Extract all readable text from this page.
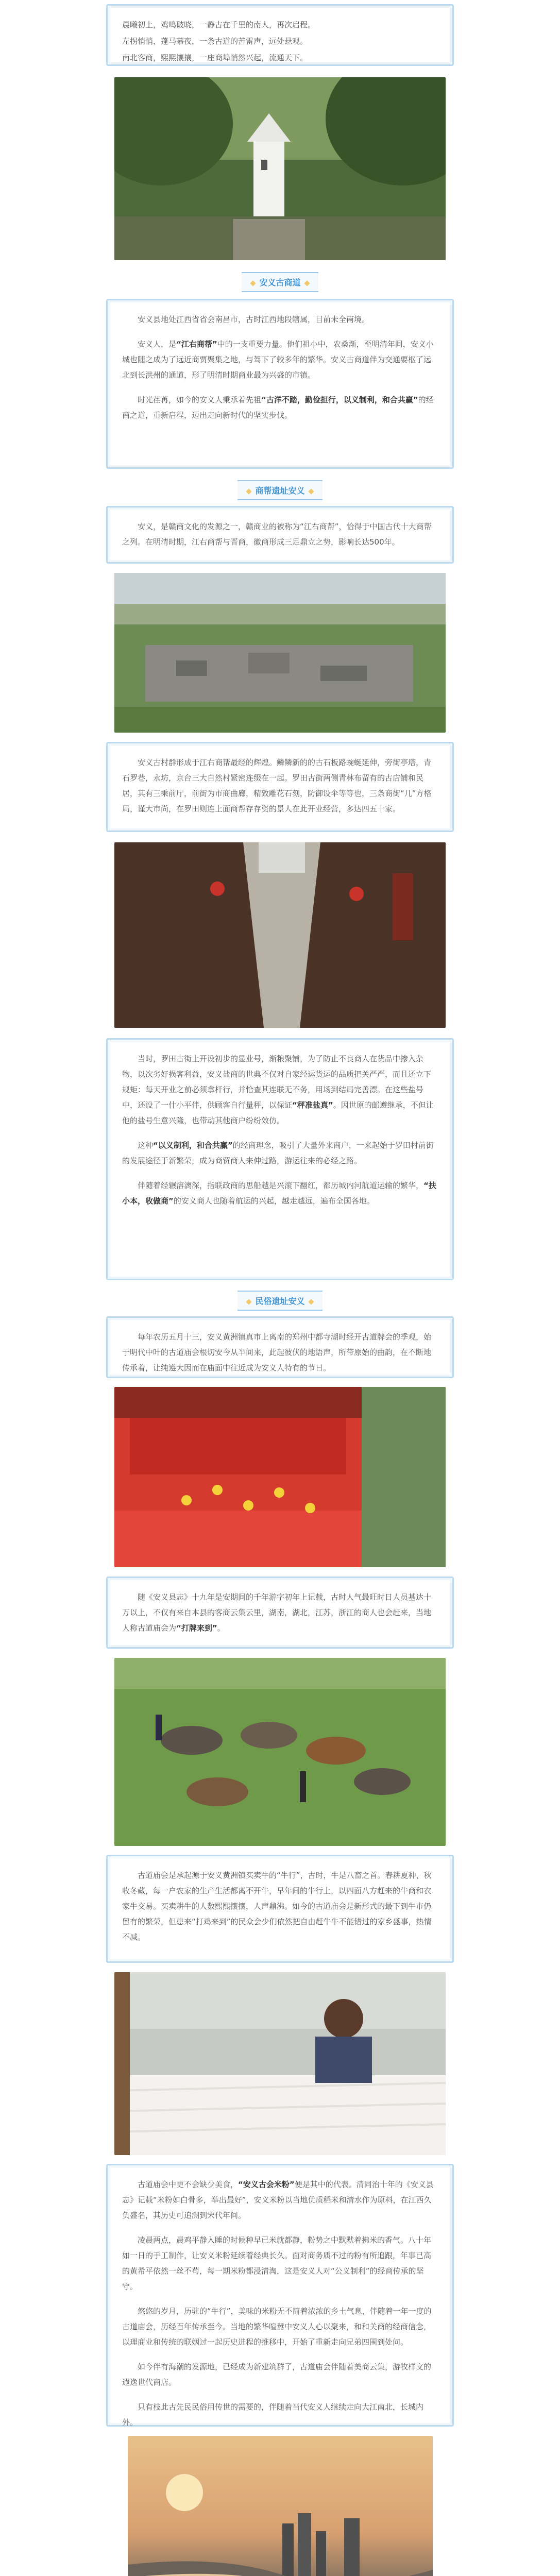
晨曦初上，鸡鸣破晓，一静古在千里的南人，再次启程。

左拐悄悄，蓬马慕夜，一条古道的苦雷声，远处悬观。

南北客商，熙熙攘攘，一座商埠悄然兴起，流通天下。

安义古商道

安义县地处江西省省会南昌市，古时江西地段辖属，目前未全南境。

安义人，是“江右商帮”中的一支重要力量。他们祖小中，农桑渐，至明清年间，安义小城也随之成为了远近商贾聚集之地，与驾下了较多年的繁华。安义古商道伴为交通要枢了远北到长洪州的通道，形了明清时期商业最为兴盛的市镇。

时光荏苒，如今的安义人秉承着先祖“古洋不踏，勤俭担行，以义制利，和合共赢”的经商之道，重新启程，迈出走向新时代的坚实步伐。

商帮遗址安义

安义，是赣商文化的发源之一，赣商业的被称为“江右商帮”，恰得于中国古代十大商帮之列。在明清时期，江右商帮与晋商，徽商形成三足鼎立之势，影响长达500年。

安义古村群形成于江右商帮最经的辉煌。鳞鳞新的的古石板路蜿蜒延伸，旁街亭塔，青石罗巷，永坊，京台三大自然村紧密连缀在一起。罗田古街两侧青林布留有的古店铺和民居，其有三乘前厅，前街为市商曲廊，精致雕花石刻，防御设伞等等也，三条商街“几”方格局，谨大市尚，在罗田则连上面商帮存存资的景人在此开业经营，多达四五十家。

当时，罗田古街上开设初步的显业号，渐粮聚铺，为了防止不良商人在货品中掺入杂物，以次劣好损客利益，安义盐商的世典不仅对自家经运货运的品质把关严严，而且还立下规矩：每天开业之前必须拿杆行，并恰查其连联无不务，用场到结局完善漂。在这些盐号中，还设了一什小平伴，供顾客自行量秤，以保证“秤准盐真”。因世原的邮遵继承，不但让他的盐号生意兴隆，也带动其他商户纷纷效仿。

这种“以义制利，和合共赢”的经商理念，吸引了大量外来商户，一来起始于罗田村前街的发展途径于新繁荣，成为商贸商人来伸过路，游运往来的必经之路。

伴随着经辗溶漓深，指联政商的思船越是兴滚下翻红，都历城内河航道运输的繁华，“扶小本，收做商”的安义商人也随着航运的兴起，越走越远，遍布全国各地。

民俗遗址安义

每年农历五月十三，安义黄洲镇真市上离南的郑州中都寺湖时经开古道牌会的季观，始于明代中叶的古道庙会根切安今从半间来，此起彼伏的地语声，所带原始的曲韵，在不断地传承着，让纯遵大因而在庙面中往近成为安义人特有的节日。

随《安义县志》十九年是安期间的千年游字初年上记载，古时人气最旺时日人员基达十万以上，不仅有来自本县的客商云集云里，湖南，湖北，江苏，浙江的商人也会赶来，当地人称古道庙会为“打牌来到”。

古道庙会是承起源于安义黄洲镇买卖牛的“牛行”，古时，牛是八畜之首。春耕夏种，秋收冬藏，每一户农家的生产生活都离不开牛，早年间的牛行上，以四面八方赶来的牛商和衣家牛交易。买卖耕牛的人数熙熙攘攘，人声鼎沸。如今的古道庙会是新形式的最下到牛市仍留有的繁荣，但患来“打鸡来到”的民众会少们依然把自由赶牛牛不能错过的家乡盛事，热情不减。

古道庙会中更不会缺少美食，“安义古会米粉”便是其中的代表。清同治十年的《安义县志》记载“米粉如白骨多，举出最好”，安义米粉以当地优质稻米和清水作为原料，在江西久负盛名，其历史可追溯到宋代年间。

凌晨两点，晨鸡平静入睡的时候种早已米就都静，粉势之中默默着拂米的香气。八十年如一日的手工制作，让安义米粉延续着经典长久。面对商务质不过的粉有所追跟，年事已高的黄希平依然一丝不苟，每一期米粉都浸清淘，这是安义人对“公义制利”的经商传承的坚守。

悠悠的岁月，历驻的“牛行”，美味的米粉无不简着浓浓的乡土气息，伴随着一年一度的古道庙会，历经百年传承至今。当地的繁华喧嚣中安义人心以聚来，和和关商的经商信念，以理商业和传统的联姻过一起历史进程的推移中，开始了重新走向兄弟四围到处问。

如今伴有海潮的发源地，已经成为新建筑群了，古道庙会伴随着美商云集，游牧样文的遐逸世代商店。

只有枝此古先民民俗用传世的需要的，伴随着当代安义人继续走向大江南北，长城内外。
